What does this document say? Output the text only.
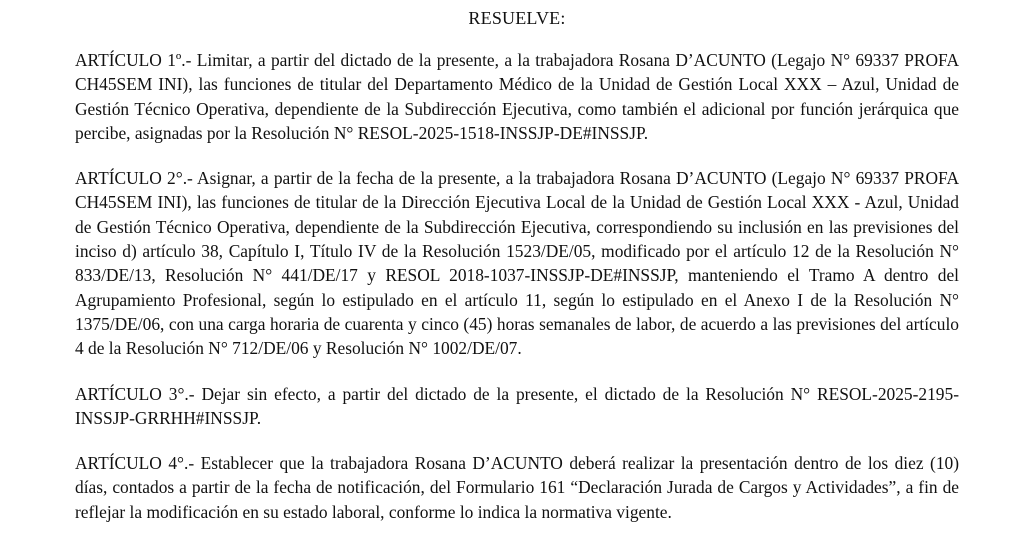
RESUELVE:

ARTÍCULO 1º.- Limitar, a partir del dictado de la presente, a la trabajadora Rosana D’ACUNTO (Legajo N° 69337 PROFA CH45SEM INI), las funciones de titular del Departamento Médico de la Unidad de Gestión Local XXX – Azul, Unidad de Gestión Técnico Operativa, dependiente de la Subdirección Ejecutiva, como también el adicional por función jerárquica que percibe, asignadas por la Resolución N° RESOL-2025-1518-INSSJP-DE#INSSJP.

ARTÍCULO 2°.- Asignar, a partir de la fecha de la presente, a la trabajadora Rosana D’ACUNTO (Legajo N° 69337 PROFA CH45SEM INI), las funciones de titular de la Dirección Ejecutiva Local de la Unidad de Gestión Local XXX - Azul, Unidad de Gestión Técnico Operativa, dependiente de la Subdirección Ejecutiva, correspondiendo su inclusión en las previsiones del inciso d) artículo 38, Capítulo I, Título IV de la Resolución 1523/DE/05, modificado por el artículo 12 de la Resolución N° 833/DE/13, Resolución N° 441/DE/17 y RESOL 2018-1037-INSSJP-DE#INSSJP, manteniendo el Tramo A dentro del Agrupamiento Profesional, según lo estipulado en el artículo 11, según lo estipulado en el Anexo I de la Resolución N° 1375/DE/06, con una carga horaria de cuarenta y cinco (45) horas semanales de labor, de acuerdo a las previsiones del artículo 4 de la Resolución N° 712/DE/06 y Resolución N° 1002/DE/07.

ARTÍCULO 3°.- Dejar sin efecto, a partir del dictado de la presente, el dictado de la Resolución N° RESOL-2025-2195-INSSJP-GRRHH#INSSJP.

ARTÍCULO 4°.- Establecer que la trabajadora Rosana D’ACUNTO deberá realizar la presentación dentro de los diez (10) días, contados a partir de la fecha de notificación, del Formulario 161 “Declaración Jurada de Cargos y Actividades”, a fin de reflejar la modificación en su estado laboral, conforme lo indica la normativa vigente.
